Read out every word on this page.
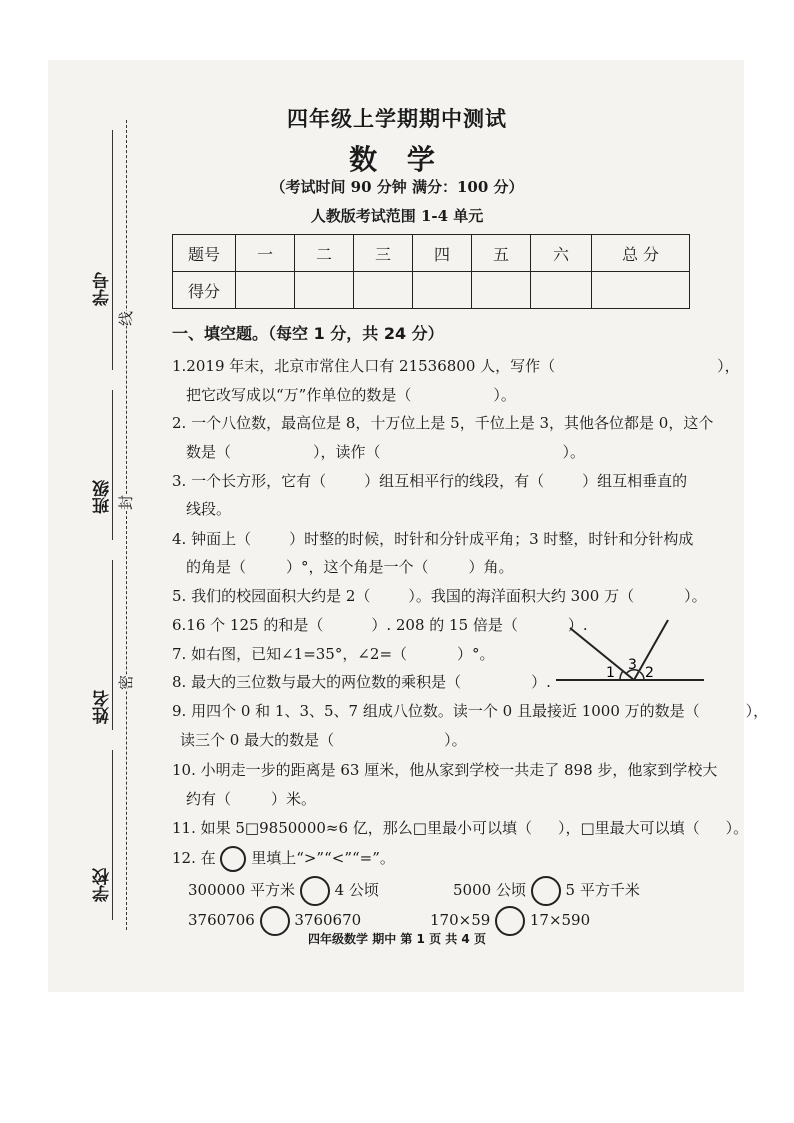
学号
班级
姓名
学校
线
封
密
四年级上学期期中测试
数 学
（考试时间 90 分钟 满分：100 分）
人教版考试范围 1-4 单元
题号	一	二	三	四	五	六	总 分
得分							
一、填空题。（每空 1 分，共 24 分）
1.2019 年末，北京市常住人口有 21536800 人，写作（	），
把它改写成以“万”作单位的数是（	）。
2. 一个八位数，最高位是 8，十万位上是 5，千位上是 3，其他各位都是 0，这个
数是（	），读作（	）。
3. 一个长方形，它有（	）组互相平行的线段，有（	）组互相垂直的
线段。
4. 钟面上（	）时整的时候，时针和分针成平角；3 时整，时针和分针构成
的角是（	）°，这个角是一个（	）角。
5. 我们的校园面积大约是 2（	）。我国的海洋面积大约 300 万（	）。
6.16 个 125 的和是（	）. 208 的 15 倍是（	）.
7. 如右图，已知∠1=35°，∠2=（	）°。
1 3 2
8. 最大的三位数与最大的两位数的乘积是（	）.
9. 用四个 0 和 1、3、5、7 组成八位数。读一个 0 且最接近 1000 万的数是（	），
读三个 0 最大的数是（	）。
10. 小明走一步的距离是 63 厘米，他从家到学校一共走了 898 步，他家到学校大
约有（	）米。
11. 如果 5□9850000≈6 亿，那么□里最小可以填（ ），□里最大可以填（ ）。
12. 在 里填上“>”“<”“=”。
300000 平方米	4 公顷	5000 公顷	5 平方千米
3760706	3760670	170×59	17×590
四年级数学 期中 第 1 页 共 4 页
